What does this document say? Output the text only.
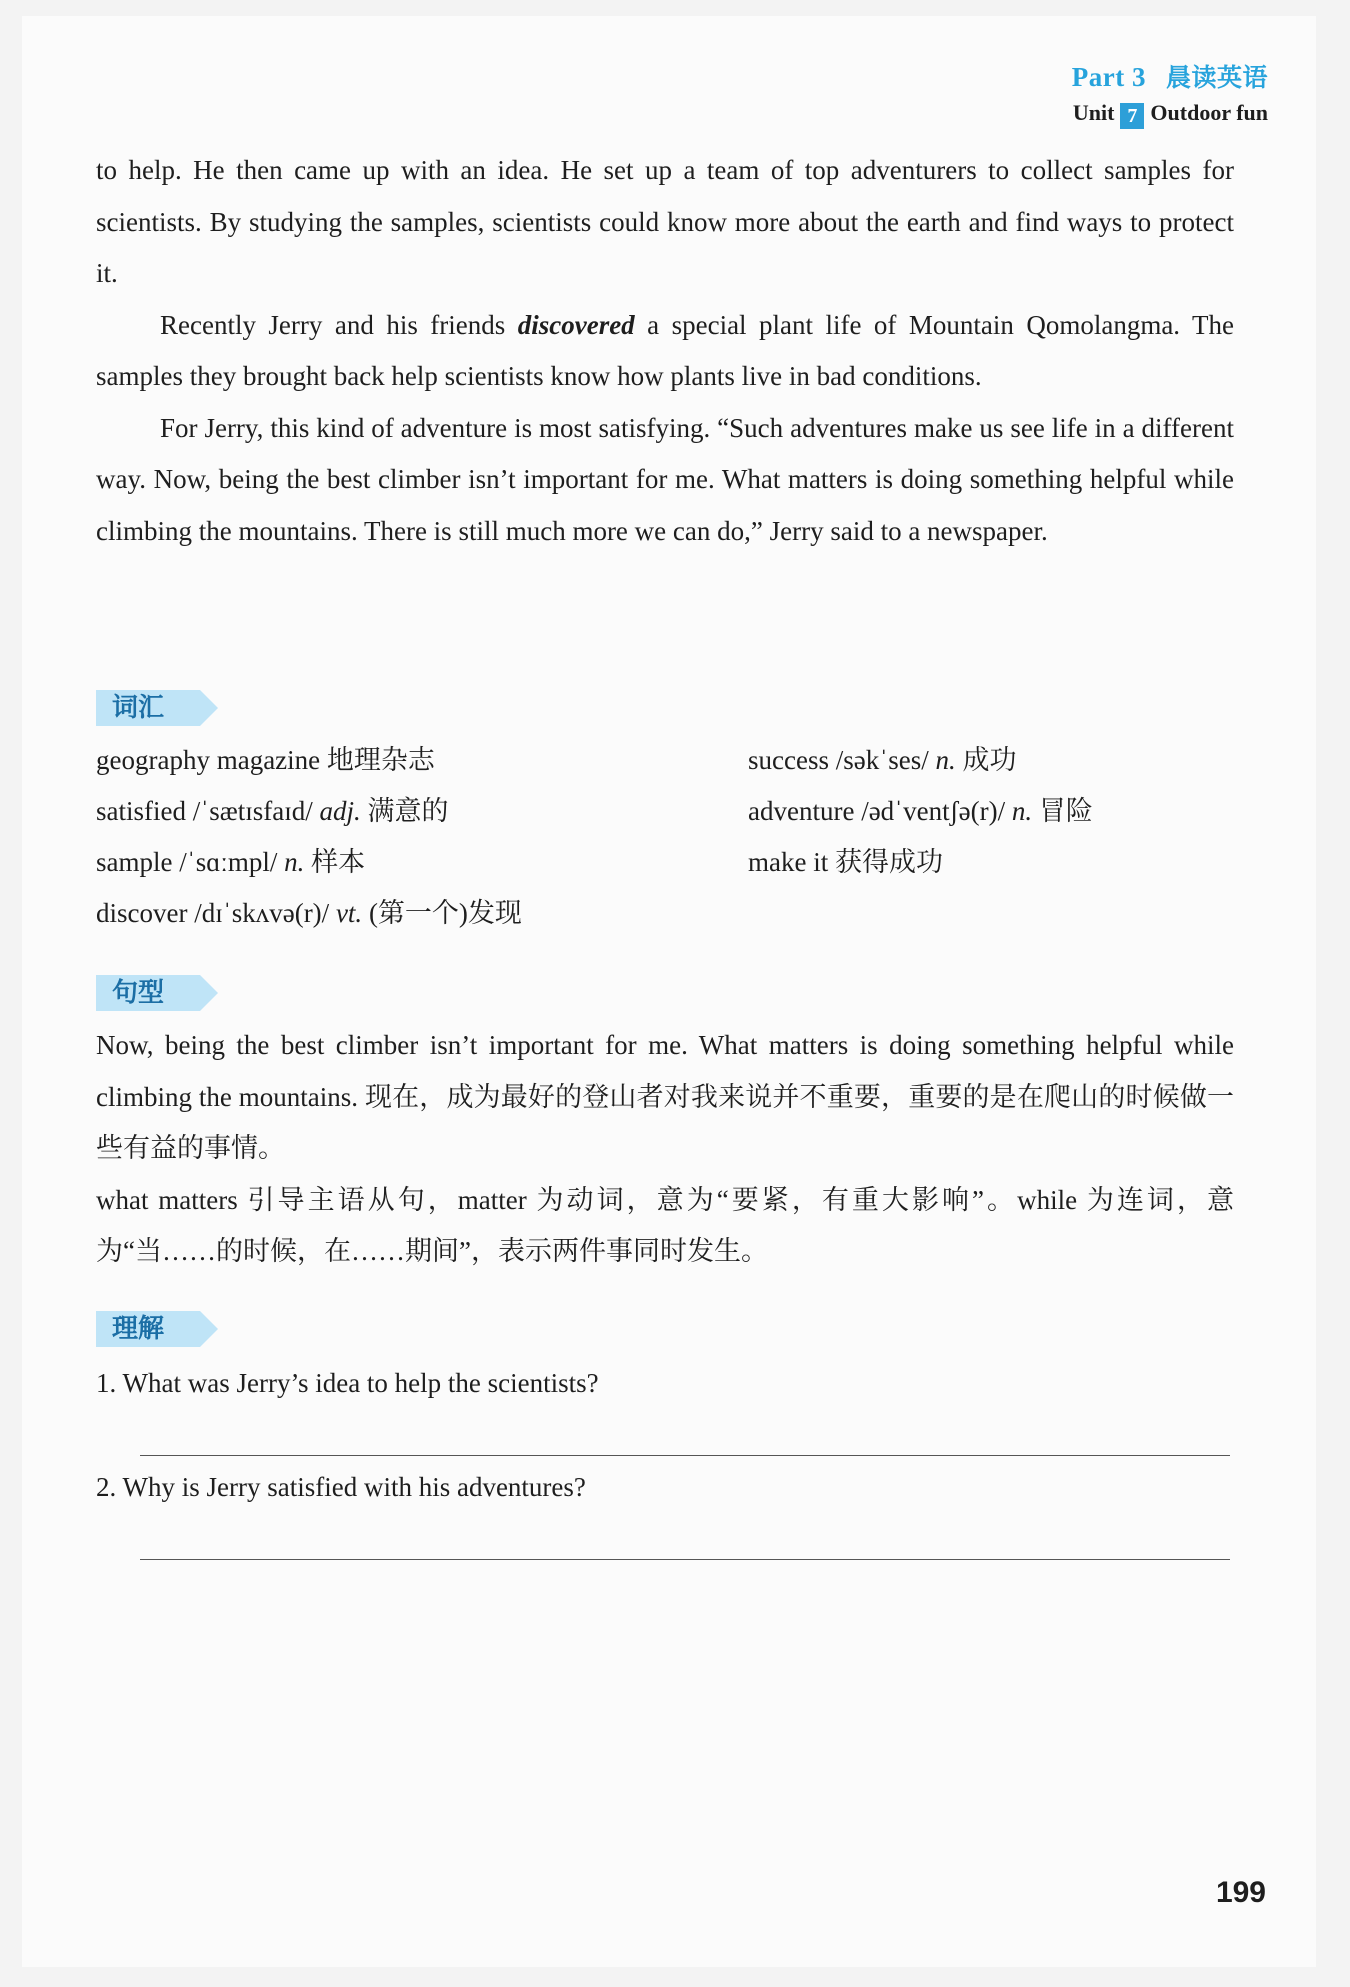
Part 3 晨读英语
Unit 7 Outdoor fun

to help. He then came up with an idea. He set up a team of top adventurers to collect samples for scientists. By studying the samples, scientists could know more about the earth and find ways to protect it.

Recently Jerry and his friends discovered a special plant life of Mountain Qomolangma. The samples they brought back help scientists know how plants live in bad conditions.

For Jerry, this kind of adventure is most satisfying. “Such adventures make us see life in a different way. Now, being the best climber isn’t important for me. What matters is doing something helpful while climbing the mountains. There is still much more we can do,” Jerry said to a newspaper.

词汇
geography magazine 地理杂志
satisfied /ˈsætɪsfaɪd/ adj. 满意的
sample /ˈsɑːmpl/ n. 样本
discover /dɪˈskʌvə(r)/ vt. (第一个)发现
success /səkˈses/ n. 成功
adventure /ədˈventʃə(r)/ n. 冒险
make it 获得成功
句型

Now, being the best climber isn’t important for me. What matters is doing something helpful while climbing the mountains. 现在，成为最好的登山者对我来说并不重要，重要的是在爬山的时候做一些有益的事情。

what matters 引导主语从句，matter 为动词，意为“要紧，有重大影响”。while 为连词，意为“当……的时候，在……期间”，表示两件事同时发生。

理解
1. What was Jerry’s idea to help the scientists?
2. Why is Jerry satisfied with his adventures?
199
